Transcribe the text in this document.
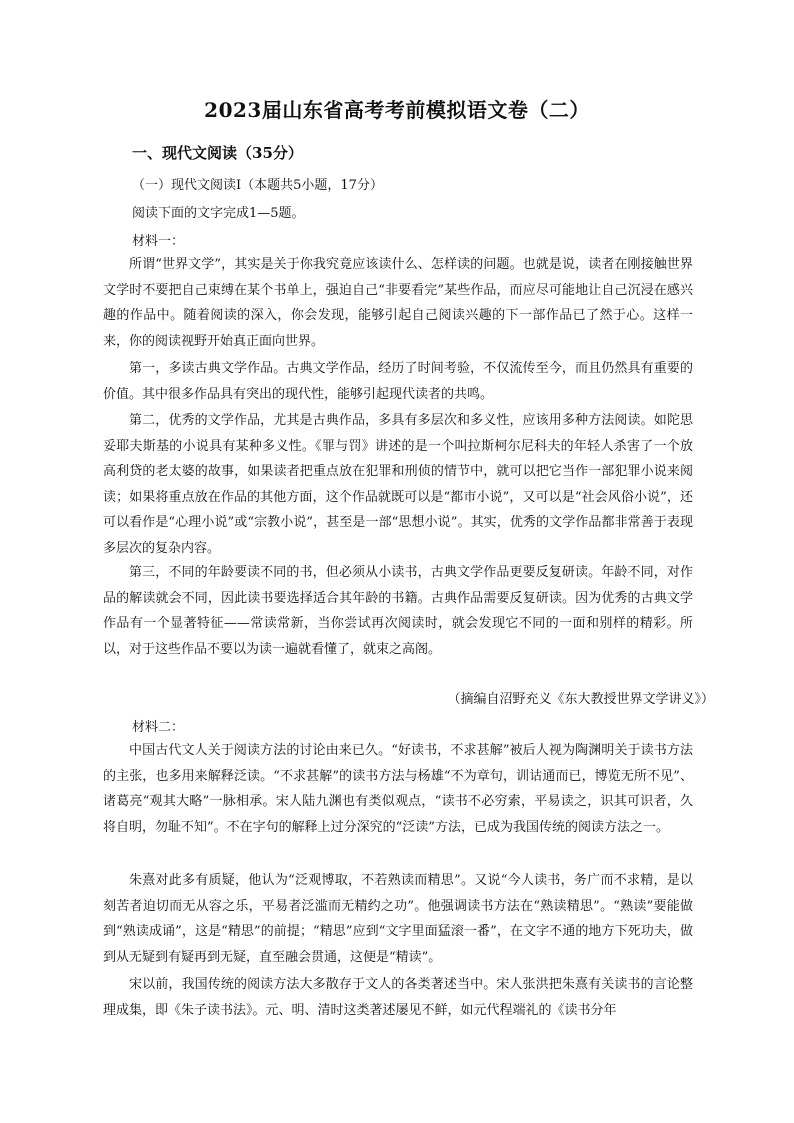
2023届山东省高考考前模拟语文卷（二）
一、现代文阅读（35分）
（一）现代文阅读Ⅰ（本题共5小题，17分）
阅读下面的文字完成1—5题。
材料一：

所谓“世界文学”，其实是关于你我究竟应该读什么、怎样读的问题。也就是说，读者在刚接触世界文学时不要把自己束缚在某个书单上，强迫自己“非要看完”某些作品，而应尽可能地让自己沉浸在感兴趣的作品中。随着阅读的深入，你会发现，能够引起自己阅读兴趣的下一部作品已了然于心。这样一来，你的阅读视野开始真正面向世界。

第一，多读古典文学作品。古典文学作品，经历了时间考验，不仅流传至今，而且仍然具有重要的价值。其中很多作品具有突出的现代性，能够引起现代读者的共鸣。

第二，优秀的文学作品，尤其是古典作品，多具有多层次和多义性，应该用多种方法阅读。如陀思妥耶夫斯基的小说具有某种多义性。《罪与罚》讲述的是一个叫拉斯柯尔尼科夫的年轻人杀害了一个放高利贷的老太婆的故事，如果读者把重点放在犯罪和刑侦的情节中，就可以把它当作一部犯罪小说来阅读；如果将重点放在作品的其他方面，这个作品就既可以是“都市小说”，又可以是“社会风俗小说”，还可以看作是“心理小说”或“宗教小说”，甚至是一部“思想小说”。其实，优秀的文学作品都非常善于表现多层次的复杂内容。

第三，不同的年龄要读不同的书，但必须从小读书，古典文学作品更要反复研读。年龄不同，对作品的解读就会不同，因此读书要选择适合其年龄的书籍。古典作品需要反复研读。因为优秀的古典文学作品有一个显著特征——常读常新，当你尝试再次阅读时，就会发现它不同的一面和别样的精彩。所以，对于这些作品不要以为读一遍就看懂了，就束之高阁。

（摘编自沼野充义《东大教授世界文学讲义》）
材料二：

中国古代文人关于阅读方法的讨论由来已久。“好读书，不求甚解”被后人视为陶渊明关于读书方法的主张，也多用来解释泛读。“不求甚解”的读书方法与杨雄“不为章句，训诂通而已，博览无所不见”、诸葛亮“观其大略”一脉相承。宋人陆九渊也有类似观点，“读书不必穷索，平易读之，识其可识者，久将自明，勿耻不知”。不在字句的解释上过分深究的“泛读”方法，已成为我国传统的阅读方法之一。

朱熹对此多有质疑，他认为“泛观博取，不若熟读而精思”。又说“今人读书，务广而不求精，是以刻苦者迫切而无从容之乐，平易者泛滥而无精约之功”。他强调读书方法在“熟读精思”。“熟读”要能做到“熟读成诵”，这是“精思”的前提；“精思”应到“文字里面猛滚一番”，在文字不通的地方下死功夫，做到从无疑到有疑再到无疑，直至融会贯通，这便是“精读”。

宋以前，我国传统的阅读方法大多散存于文人的各类著述当中。宋人张洪把朱熹有关读书的言论整理成集，即《朱子读书法》。元、明、清时这类著述屡见不鲜，如元代程端礼的《读书分年
